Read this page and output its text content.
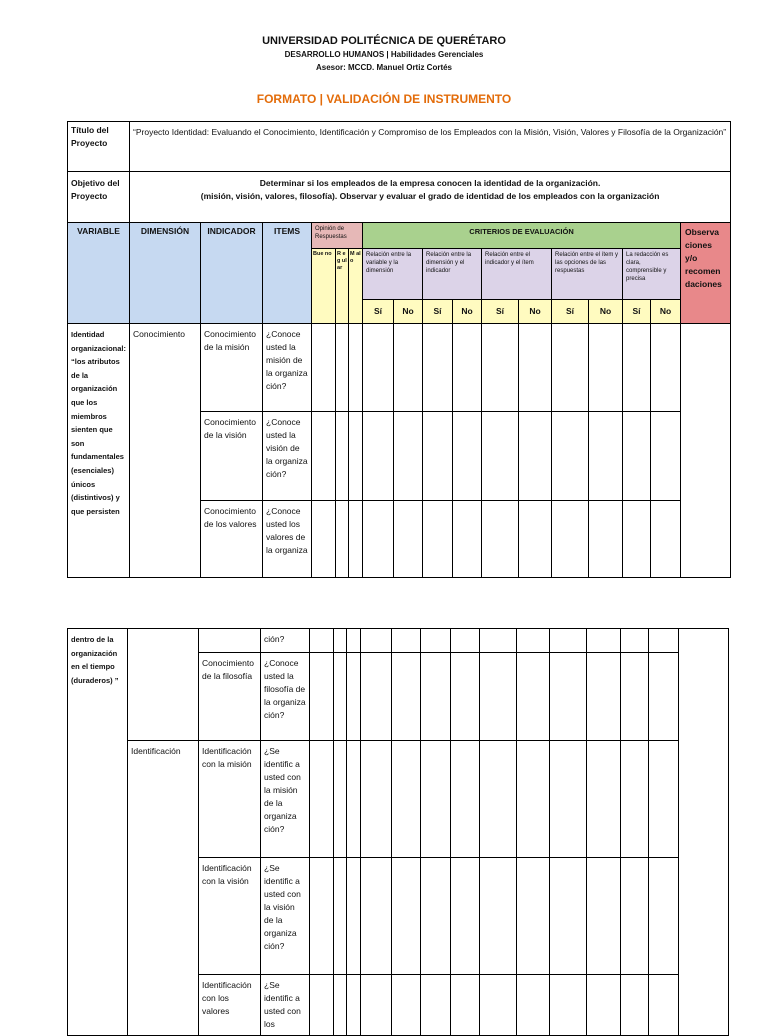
UNIVERSIDAD POLITÉCNICA DE QUERÉTARO
DESARROLLO HUMANOS | Habilidades Gerenciales
Asesor: MCCD. Manuel Ortiz Cortés
FORMATO | VALIDACIÓN DE INSTRUMENTO
Título del Proyecto	“Proyecto Identidad: Evaluando el Conocimiento, Identificación y Compromiso de los Empleados con la Misión, Visión, Valores y Filosofía de la Organización”																
Objetivo del Proyecto	Determinar si los empleados de la empresa conocen la identidad de la organización.
(misión, visión, valores, filosofía). Observar y evaluar el grado de identidad de los empleados con la organización																

VARIABLE	DIMENSIÓN	INDICADOR	ITEMS	Opinión de Respuestas			CRITERIOS DE EVALUACIÓN										Observa ciones y/o recomen daciones
				Bue no	R e g ul ar	M al o	Relación entre la variable y la dimensión		Relación entre la dimensión y el indicador		Relación entre el indicador y el ítem		Relación entre el ítem y las opciones de las respuestas		La redacción es clara, comprensible y precisa		
							Sí	No	Sí	No	Sí	No	Sí	No	Sí	No	
Identidad organizacional: “los atributos de la organización que los miembros sienten que son fundamentales (esenciales) únicos (distintivos) y que persisten	Conocimiento	Conocimiento de la misión	¿Conoce usted la misión de la organiza ción?														
		Conocimiento de la visión	¿Conoce usted la visión de la organiza ción?														
		Conocimiento de los valores	¿Conoce usted los valores de la organiza														
dentro de la organización en el tiempo (duraderos) ”			ción?														
		Conocimiento de la filosofía	¿Conoce usted la filosofía de la organiza ción?														
	Identificación	Identificación con la misión	¿Se identific a usted con la misión de la organiza ción?														
		Identificación con la visión	¿Se identific a usted con la visión de la organiza ción?														
		Identificación con los valores	¿Se identific a usted con los														
